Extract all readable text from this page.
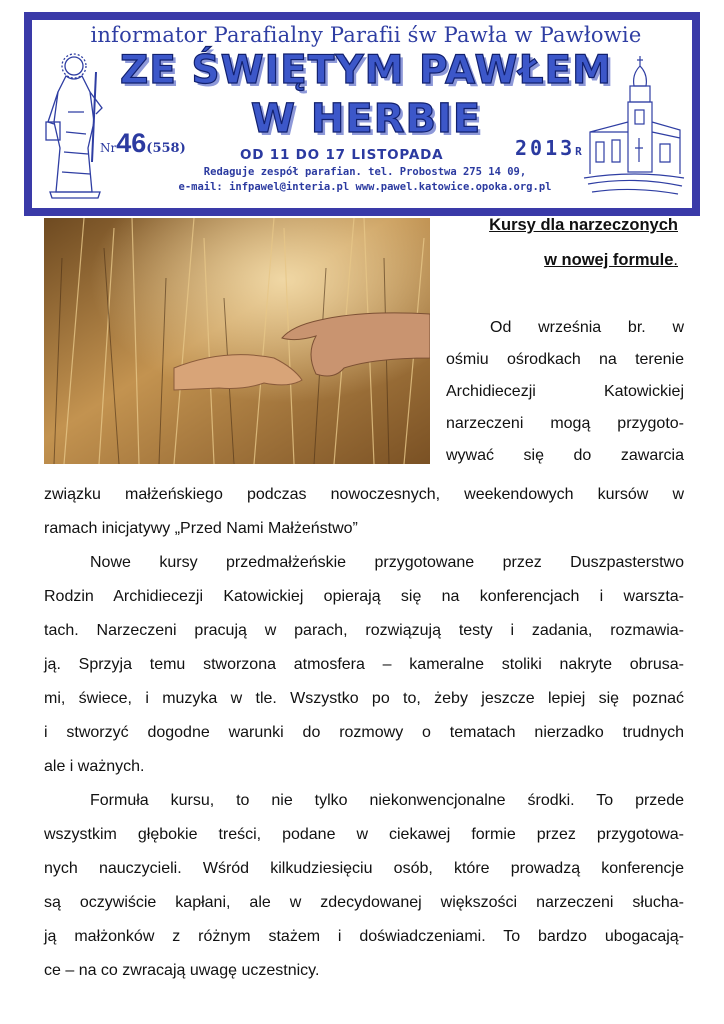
informator Parafialny Parafii św Pawła w Pawłowie
ZE ŚWIĘTYM PAWŁEM
W HERBIE
Nr46(558)	OD 11 DO 17 LISTOPADA	2013R
Redaguje zespół parafian. tel. Probostwa 275 14 09,
e-mail: infpawel@interia.pl www.pawel.katowice.opoka.org.pl
Kursy dla narzeczonych
w nowej formule.
Od września br. w
ośmiu ośrodkach na terenie
Archidiecezji Katowickiej
narzeczeni mogą przygoto-
wywać się do zawarcia
związku małżeńskiego podczas nowoczesnych, weekendowych kursów w
ramach inicjatywy „Przed Nami Małżeństwo”
Nowe kursy przedmałżeńskie przygotowane przez Duszpasterstwo
Rodzin Archidiecezji Katowickiej opierają się na konferencjach i warszta-
tach. Narzeczeni pracują w parach, rozwiązują testy i zadania, rozmawia-
ją. Sprzyja temu stworzona atmosfera – kameralne stoliki nakryte obrusa-
mi, świece, i muzyka w tle. Wszystko po to, żeby jeszcze lepiej się poznać
i stworzyć dogodne warunki do rozmowy o tematach nierzadko trudnych
ale i ważnych.
Formuła kursu, to nie tylko niekonwencjonalne środki. To przede
wszystkim głębokie treści, podane w ciekawej formie przez przygotowa-
nych nauczycieli. Wśród kilkudziesięciu osób, które prowadzą konferencje
są oczywiście kapłani, ale w zdecydowanej większości narzeczeni słucha-
ją małżonków z różnym stażem i doświadczeniami. To bardzo ubogacają-
ce – na co zwracają uwagę uczestnicy.
